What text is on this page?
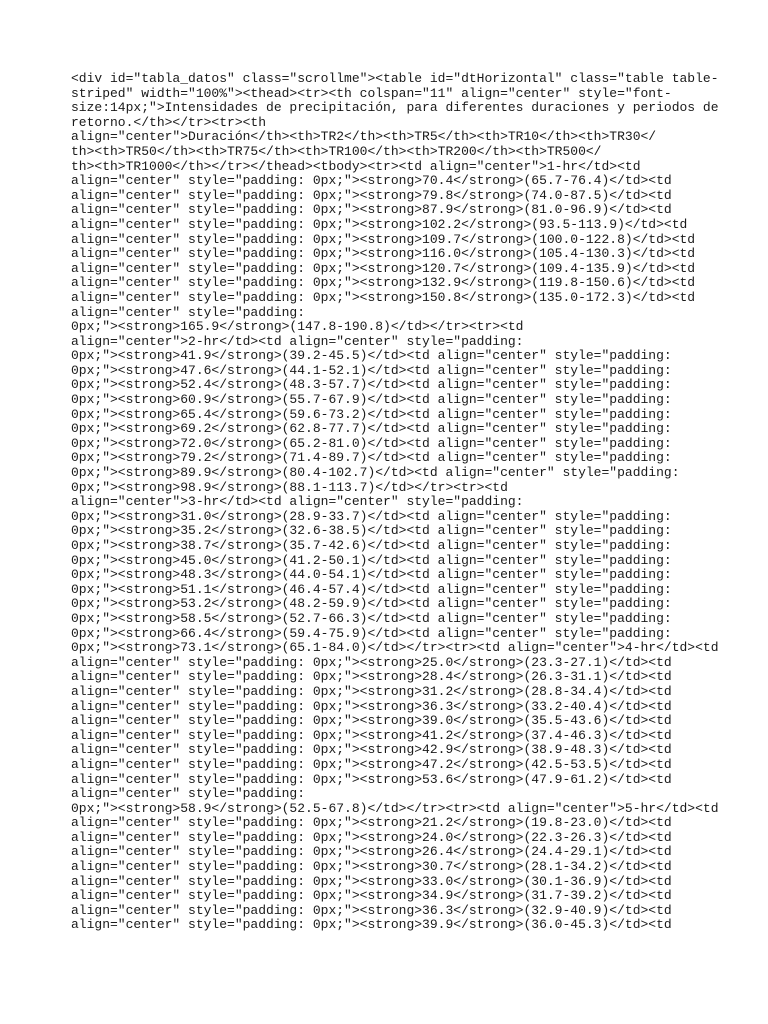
<div id="tabla_datos" class="scrollme"><table id="dtHorizontal" class="table table-
striped" width="100%"><thead><tr><th colspan="11" align="center" style="font-
size:14px;">Intensidades de precipitación, para diferentes duraciones y periodos de
retorno.</th></tr><tr><th
align="center">Duración</th><th>TR2</th><th>TR5</th><th>TR10</th><th>TR30</
th><th>TR50</th><th>TR75</th><th>TR100</th><th>TR200</th><th>TR500</
th><th>TR1000</th></tr></thead><tbody><tr><td align="center">1-hr</td><td
align="center" style="padding: 0px;"><strong>70.4</strong>(65.7-76.4)</td><td
align="center" style="padding: 0px;"><strong>79.8</strong>(74.0-87.5)</td><td
align="center" style="padding: 0px;"><strong>87.9</strong>(81.0-96.9)</td><td
align="center" style="padding: 0px;"><strong>102.2</strong>(93.5-113.9)</td><td
align="center" style="padding: 0px;"><strong>109.7</strong>(100.0-122.8)</td><td
align="center" style="padding: 0px;"><strong>116.0</strong>(105.4-130.3)</td><td
align="center" style="padding: 0px;"><strong>120.7</strong>(109.4-135.9)</td><td
align="center" style="padding: 0px;"><strong>132.9</strong>(119.8-150.6)</td><td
align="center" style="padding: 0px;"><strong>150.8</strong>(135.0-172.3)</td><td
align="center" style="padding:
0px;"><strong>165.9</strong>(147.8-190.8)</td></tr><tr><td
align="center">2-hr</td><td align="center" style="padding:
0px;"><strong>41.9</strong>(39.2-45.5)</td><td align="center" style="padding:
0px;"><strong>47.6</strong>(44.1-52.1)</td><td align="center" style="padding:
0px;"><strong>52.4</strong>(48.3-57.7)</td><td align="center" style="padding:
0px;"><strong>60.9</strong>(55.7-67.9)</td><td align="center" style="padding:
0px;"><strong>65.4</strong>(59.6-73.2)</td><td align="center" style="padding:
0px;"><strong>69.2</strong>(62.8-77.7)</td><td align="center" style="padding:
0px;"><strong>72.0</strong>(65.2-81.0)</td><td align="center" style="padding:
0px;"><strong>79.2</strong>(71.4-89.7)</td><td align="center" style="padding:
0px;"><strong>89.9</strong>(80.4-102.7)</td><td align="center" style="padding:
0px;"><strong>98.9</strong>(88.1-113.7)</td></tr><tr><td
align="center">3-hr</td><td align="center" style="padding:
0px;"><strong>31.0</strong>(28.9-33.7)</td><td align="center" style="padding:
0px;"><strong>35.2</strong>(32.6-38.5)</td><td align="center" style="padding:
0px;"><strong>38.7</strong>(35.7-42.6)</td><td align="center" style="padding:
0px;"><strong>45.0</strong>(41.2-50.1)</td><td align="center" style="padding:
0px;"><strong>48.3</strong>(44.0-54.1)</td><td align="center" style="padding:
0px;"><strong>51.1</strong>(46.4-57.4)</td><td align="center" style="padding:
0px;"><strong>53.2</strong>(48.2-59.9)</td><td align="center" style="padding:
0px;"><strong>58.5</strong>(52.7-66.3)</td><td align="center" style="padding:
0px;"><strong>66.4</strong>(59.4-75.9)</td><td align="center" style="padding:
0px;"><strong>73.1</strong>(65.1-84.0)</td></tr><tr><td align="center">4-hr</td><td
align="center" style="padding: 0px;"><strong>25.0</strong>(23.3-27.1)</td><td
align="center" style="padding: 0px;"><strong>28.4</strong>(26.3-31.1)</td><td
align="center" style="padding: 0px;"><strong>31.2</strong>(28.8-34.4)</td><td
align="center" style="padding: 0px;"><strong>36.3</strong>(33.2-40.4)</td><td
align="center" style="padding: 0px;"><strong>39.0</strong>(35.5-43.6)</td><td
align="center" style="padding: 0px;"><strong>41.2</strong>(37.4-46.3)</td><td
align="center" style="padding: 0px;"><strong>42.9</strong>(38.9-48.3)</td><td
align="center" style="padding: 0px;"><strong>47.2</strong>(42.5-53.5)</td><td
align="center" style="padding: 0px;"><strong>53.6</strong>(47.9-61.2)</td><td
align="center" style="padding:
0px;"><strong>58.9</strong>(52.5-67.8)</td></tr><tr><td align="center">5-hr</td><td
align="center" style="padding: 0px;"><strong>21.2</strong>(19.8-23.0)</td><td
align="center" style="padding: 0px;"><strong>24.0</strong>(22.3-26.3)</td><td
align="center" style="padding: 0px;"><strong>26.4</strong>(24.4-29.1)</td><td
align="center" style="padding: 0px;"><strong>30.7</strong>(28.1-34.2)</td><td
align="center" style="padding: 0px;"><strong>33.0</strong>(30.1-36.9)</td><td
align="center" style="padding: 0px;"><strong>34.9</strong>(31.7-39.2)</td><td
align="center" style="padding: 0px;"><strong>36.3</strong>(32.9-40.9)</td><td
align="center" style="padding: 0px;"><strong>39.9</strong>(36.0-45.3)</td><td
